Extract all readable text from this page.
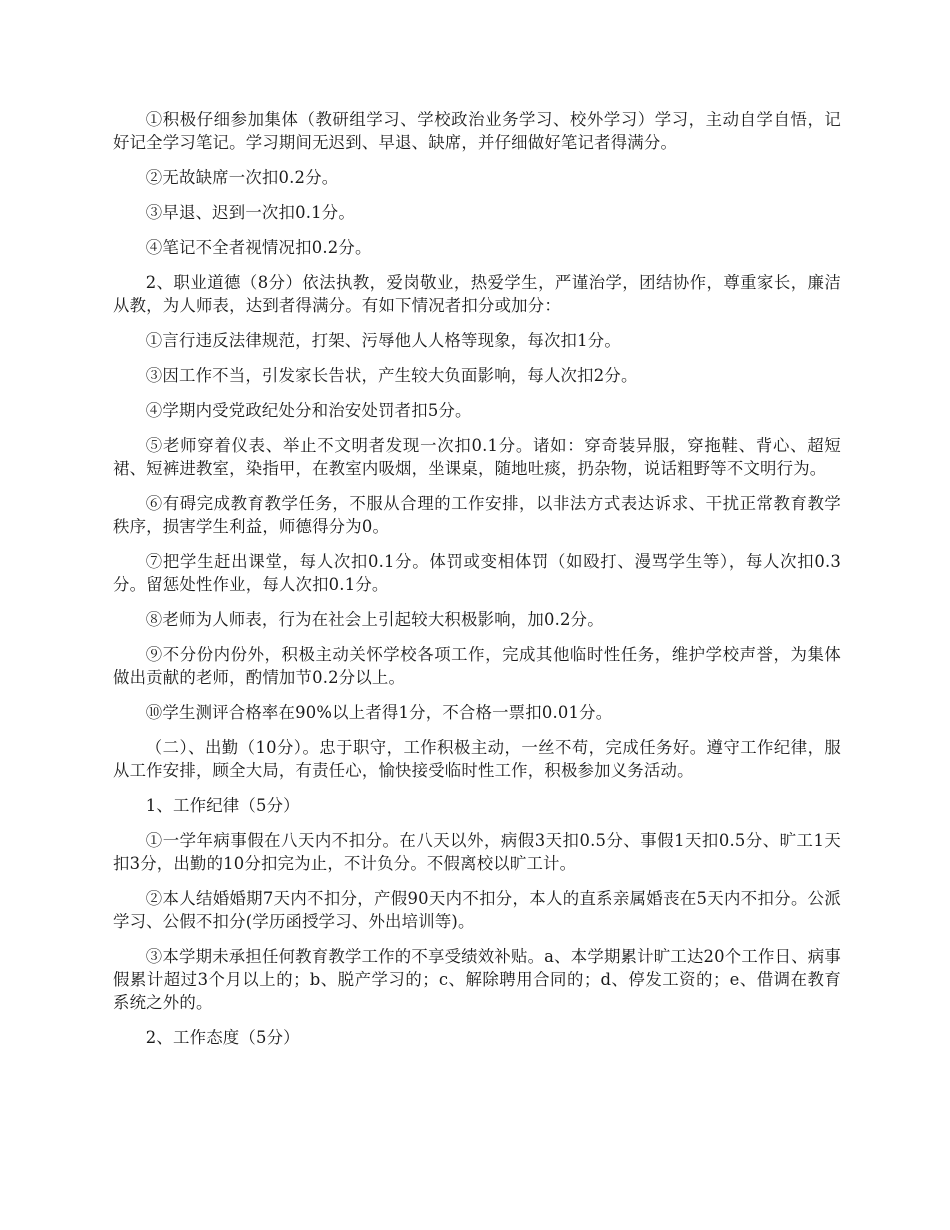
①积极仔细参加集体（教研组学习、学校政治业务学习、校外学习）学习，主动自学自悟，记好记全学习笔记。学习期间无迟到、早退、缺席，并仔细做好笔记者得满分。

②无故缺席一次扣0.2分。

③早退、迟到一次扣0.1分。

④笔记不全者视情况扣0.2分。

2、职业道德（8分）依法执教，爱岗敬业，热爱学生，严谨治学，团结协作，尊重家长，廉洁从教，为人师表，达到者得满分。有如下情况者扣分或加分：

①言行违反法律规范，打架、污辱他人人格等现象，每次扣1分。

③因工作不当，引发家长告状，产生较大负面影响，每人次扣2分。

④学期内受党政纪处分和治安处罚者扣5分。

⑤老师穿着仪表、举止不文明者发现一次扣0.1分。诸如：穿奇装异服，穿拖鞋、背心、超短裙、短裤进教室，染指甲，在教室内吸烟，坐课桌，随地吐痰，扔杂物，说话粗野等不文明行为。

⑥有碍完成教育教学任务，不服从合理的工作安排，以非法方式表达诉求、干扰正常教育教学秩序，损害学生利益，师德得分为0。

⑦把学生赶出课堂，每人次扣0.1分。体罚或变相体罚（如殴打、漫骂学生等），每人次扣0.3分。留惩处性作业，每人次扣0.1分。

⑧老师为人师表，行为在社会上引起较大积极影响，加0.2分。

⑨不分份内份外，积极主动关怀学校各项工作，完成其他临时性任务，维护学校声誉，为集体做出贡献的老师，酌情加节0.2分以上。

⑩学生测评合格率在90%以上者得1分，不合格一票扣0.01分。

（二）、出勤（10分）。忠于职守，工作积极主动，一丝不苟，完成任务好。遵守工作纪律，服从工作安排，顾全大局，有责任心，愉快接受临时性工作，积极参加义务活动。

1、工作纪律（5分）

①一学年病事假在八天内不扣分。在八天以外，病假3天扣0.5分、事假1天扣0.5分、旷工1天扣3分，出勤的10分扣完为止，不计负分。不假离校以旷工计。

②本人结婚婚期7天内不扣分，产假90天内不扣分，本人的直系亲属婚丧在5天内不扣分。公派学习、公假不扣分(学历函授学习、外出培训等)。

③本学期未承担任何教育教学工作的不享受绩效补贴。a、本学期累计旷工达20个工作日、病事假累计超过3个月以上的；b、脱产学习的；c、解除聘用合同的；d、停发工资的；e、借调在教育系统之外的。

2、工作态度（5分）
